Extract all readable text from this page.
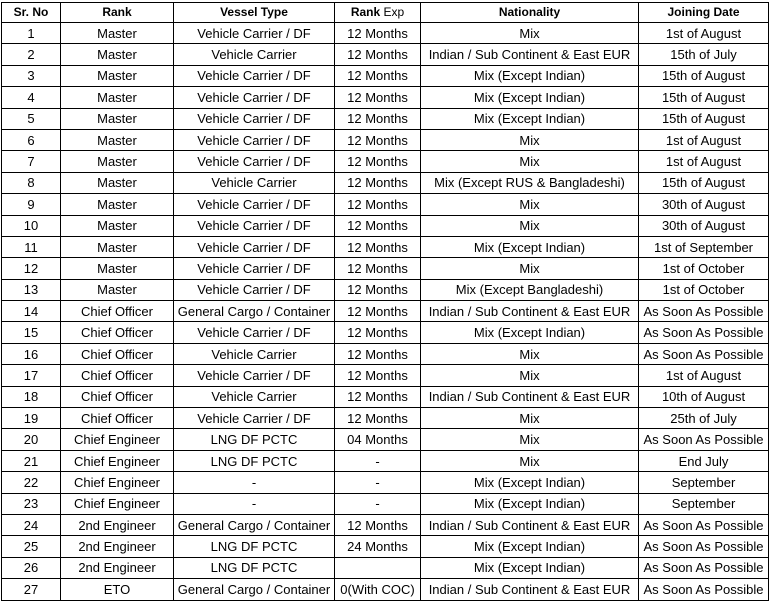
Sr. No	Rank	Vessel Type	Rank Exp	Nationality	Joining Date
1	Master	Vehicle Carrier / DF	12 Months	Mix	1st of August
2	Master	Vehicle Carrier	12 Months	Indian / Sub Continent & East EUR	15th of July
3	Master	Vehicle Carrier / DF	12 Months	Mix (Except Indian)	15th of August
4	Master	Vehicle Carrier / DF	12 Months	Mix (Except Indian)	15th of August
5	Master	Vehicle Carrier / DF	12 Months	Mix (Except Indian)	15th of August
6	Master	Vehicle Carrier / DF	12 Months	Mix	1st of August
7	Master	Vehicle Carrier / DF	12 Months	Mix	1st of August
8	Master	Vehicle Carrier	12 Months	Mix (Except RUS & Bangladeshi)	15th of August
9	Master	Vehicle Carrier / DF	12 Months	Mix	30th of August
10	Master	Vehicle Carrier / DF	12 Months	Mix	30th of August
11	Master	Vehicle Carrier / DF	12 Months	Mix (Except Indian)	1st of September
12	Master	Vehicle Carrier / DF	12 Months	Mix	1st of October
13	Master	Vehicle Carrier / DF	12 Months	Mix (Except Bangladeshi)	1st of October
14	Chief Officer	General Cargo / Container	12 Months	Indian / Sub Continent & East EUR	As Soon As Possible
15	Chief Officer	Vehicle Carrier / DF	12 Months	Mix (Except Indian)	As Soon As Possible
16	Chief Officer	Vehicle Carrier	12 Months	Mix	As Soon As Possible
17	Chief Officer	Vehicle Carrier / DF	12 Months	Mix	1st of August
18	Chief Officer	Vehicle Carrier	12 Months	Indian / Sub Continent & East EUR	10th of August
19	Chief Officer	Vehicle Carrier / DF	12 Months	Mix	25th of July
20	Chief Engineer	LNG DF PCTC	04 Months	Mix	As Soon As Possible
21	Chief Engineer	LNG DF PCTC	-	Mix	End July
22	Chief Engineer	-	-	Mix (Except Indian)	September
23	Chief Engineer	-	-	Mix (Except Indian)	September
24	2nd Engineer	General Cargo / Container	12 Months	Indian / Sub Continent & East EUR	As Soon As Possible
25	2nd Engineer	LNG DF PCTC	24 Months	Mix (Except Indian)	As Soon As Possible
26	2nd Engineer	LNG DF PCTC		Mix (Except Indian)	As Soon As Possible
27	ETO	General Cargo / Container	0(With COC)	Indian / Sub Continent & East EUR	As Soon As Possible
